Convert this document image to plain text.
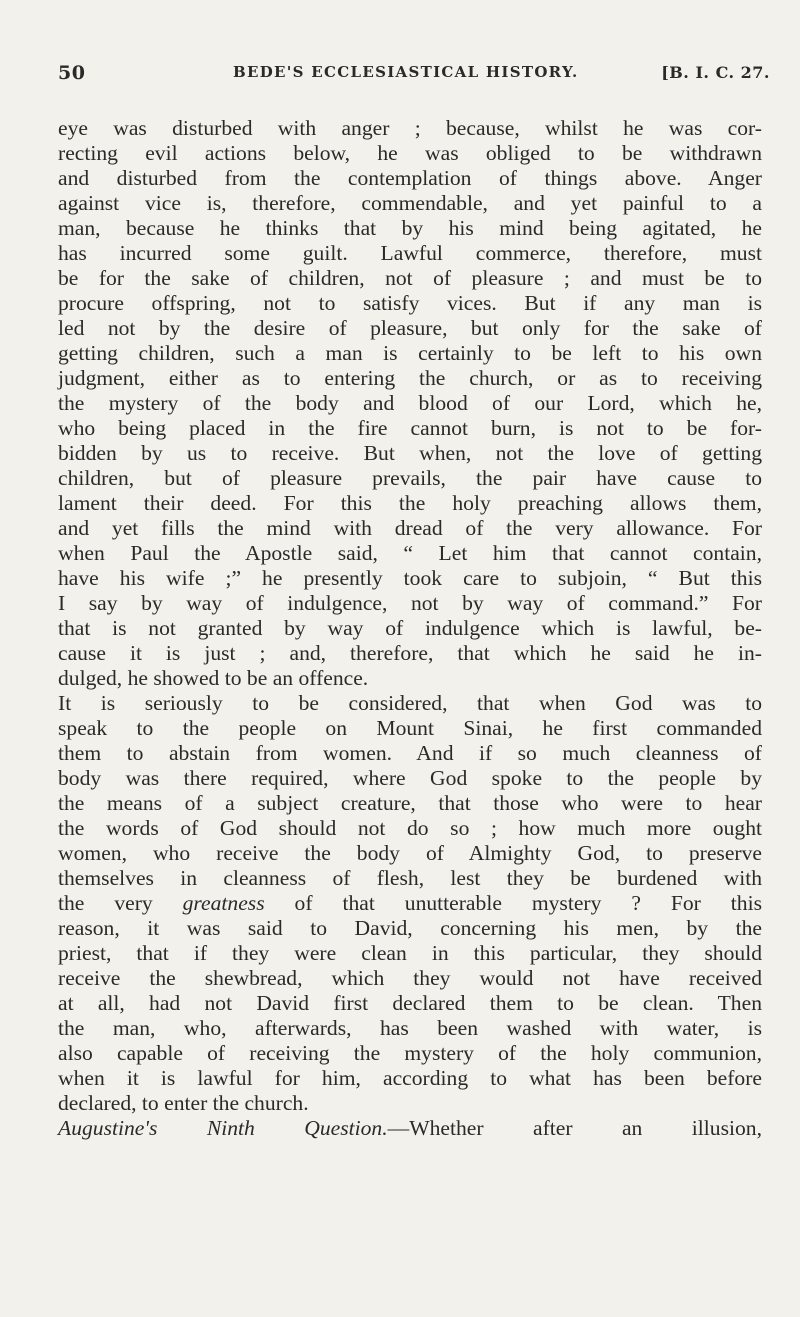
50	BEDE'S ECCLESIASTICAL HISTORY.	[B. I. C. 27.
eye was disturbed with anger ; because, whilst he was cor-
recting evil actions below, he was obliged to be withdrawn
and disturbed from the contemplation of things above. Anger
against vice is, therefore, commendable, and yet painful to a
man, because he thinks that by his mind being agitated, he
has incurred some guilt. Lawful commerce, therefore, must
be for the sake of children, not of pleasure ; and must be to
procure offspring, not to satisfy vices. But if any man is
led not by the desire of pleasure, but only for the sake of
getting children, such a man is certainly to be left to his own
judgment, either as to entering the church, or as to receiving
the mystery of the body and blood of our Lord, which he,
who being placed in the fire cannot burn, is not to be for-
bidden by us to receive. But when, not the love of getting
children, but of pleasure prevails, the pair have cause to
lament their deed. For this the holy preaching allows them,
and yet fills the mind with dread of the very allowance. For
when Paul the Apostle said, “ Let him that cannot contain,
have his wife ;” he presently took care to subjoin, “ But this
I say by way of indulgence, not by way of command.” For
that is not granted by way of indulgence which is lawful, be-
cause it is just ; and, therefore, that which he said he in-
dulged, he showed to be an offence.
It is seriously to be considered, that when God was to
speak to the people on Mount Sinai, he first commanded
them to abstain from women. And if so much cleanness of
body was there required, where God spoke to the people by
the means of a subject creature, that those who were to hear
the words of God should not do so ; how much more ought
women, who receive the body of Almighty God, to preserve
themselves in cleanness of flesh, lest they be burdened with
the very greatness of that unutterable mystery ? For this
reason, it was said to David, concerning his men, by the
priest, that if they were clean in this particular, they should
receive the shewbread, which they would not have received
at all, had not David first declared them to be clean. Then
the man, who, afterwards, has been washed with water, is
also capable of receiving the mystery of the holy communion,
when it is lawful for him, according to what has been before
declared, to enter the church.
Augustine's Ninth Question.—Whether after an illusion,
